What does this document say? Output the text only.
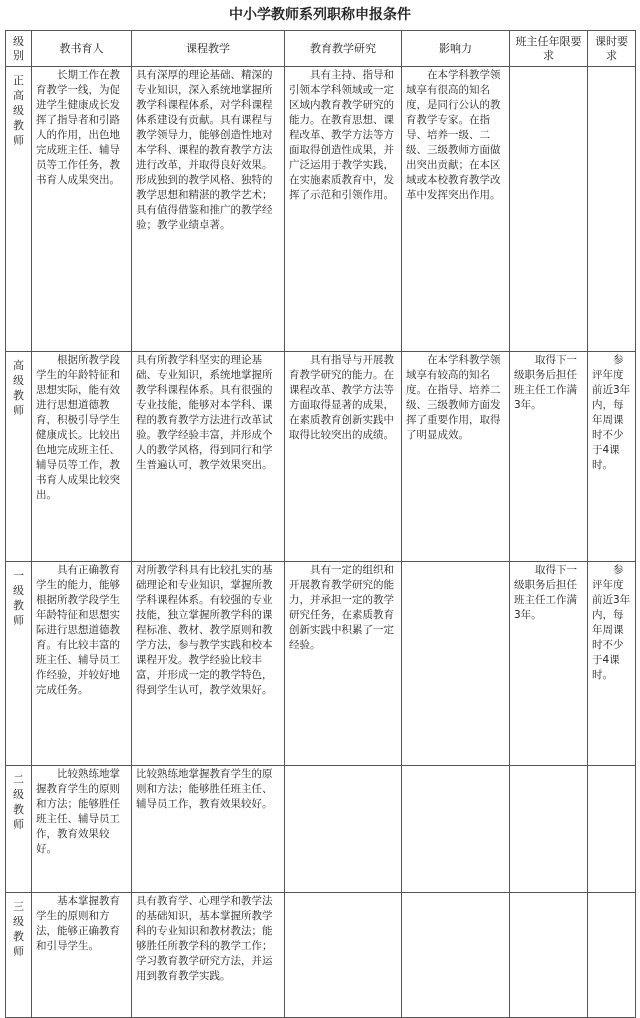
中小学教师系列职称申报条件
级别	教书育人	课程教学	教育教学研究	影响力	班主任年限要求	课时要求
正高级教师	长期工作在教育教学一线，为促进学生健康成长发挥了指导者和引路人的作用，出色地完成班主任、辅导员等工作任务，教书育人成果突出。	具有深厚的理论基础、精深的专业知识，深入系统地掌握所教学科课程体系，对学科课程体系建设有贡献。具有课程与教学领导力，能够创造性地对本学科、课程的教育教学方法进行改革，并取得良好效果。形成独到的教学风格、独特的教学思想和精湛的教学艺术；具有值得借鉴和推广的教学经验；教学业绩卓著。	具有主持、指导和引领本学科领域或一定区域内教育教学研究的能力。在教育思想、课程改革、教学方法等方面取得创造性成果，并广泛运用于教学实践，在实施素质教育中，发挥了示范和引领作用。	在本学科教学领域享有很高的知名度，是同行公认的教育教学专家。在指导、培养一级、二级、三级教师方面做出突出贡献；在本区域或本校教育教学改革中发挥突出作用。		

高级教师	根据所教学段学生的年龄特征和思想实际，能有效进行思想道德教育，积极引导学生健康成长。比较出色地完成班主任、辅导员等工作，教书育人成果比较突出。	具有所教学科坚实的理论基础、专业知识，系统地掌握所教学科课程体系。具有很强的专业技能，能够对本学科、课程的教育教学方法进行改革试验。教学经验丰富，并形成个人的教学风格，得到同行和学生普遍认可，教学效果突出。	具有指导与开展教育教学研究的能力。在课程改革、教学方法等方面取得显著的成果，在素质教育创新实践中取得比较突出的成绩。	在本学科教学领域享有较高的知名度。在指导、培养二级、三级教师方面发挥了重要作用，取得了明显成效。	取得下一级职务后担任班主任工作满3年。	参评年度前近3年内，每年周课时不少于4课时。

一级教师	具有正确教育学生的能力，能够根据所教学段学生年龄特征和思想实际进行思想道德教育。有比较丰富的班主任、辅导员工作经验，并较好地完成任务。	对所教学科具有比较扎实的基础理论和专业知识，掌握所教学科课程体系。有较强的专业技能，独立掌握所教学科的课程标准、教材、教学原则和教学方法，参与教学实践和校本课程开发。教学经验比较丰富，并形成一定的教学特色，得到学生认可，教学效果好。	具有一定的组织和开展教育教学研究的能力，并承担一定的教学研究任务，在素质教育创新实践中积累了一定经验。		取得下一级职务后担任班主任工作满3年。	参评年度前近3年内，每年周课时不少于4课时。

二级教师	比较熟练地掌握教育学生的原则和方法；能够胜任班主任、辅导员工作，教育效果较好。	比较熟练地掌握教育学生的原则和方法；能够胜任班主任、辅导员工作，教育效果较好。	

三级教师	基本掌握教育学生的原则和方法，能够正确教育和引导学生。	具有教育学、心理学和教学法的基础知识，基本掌握所教学科的专业知识和教材教法；能够胜任所教学科的教学工作；学习教育教学研究方法，并运用到教育教学实践。	
